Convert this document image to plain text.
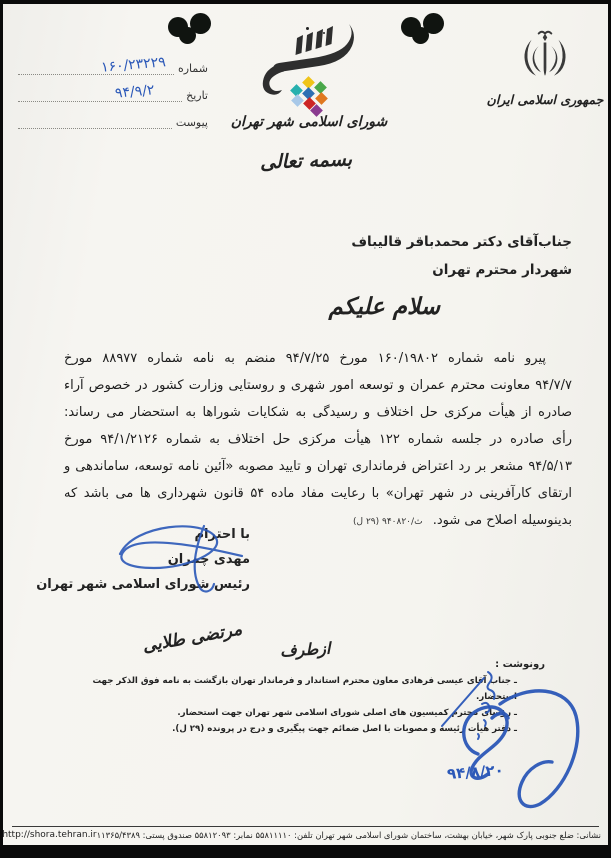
شماره
۱۶۰/۲۳۲۲۹
تاریخ
۹۴/۹/۲
پیوست	شورای اسلامی شهر تهران
جمهوری اسلامی ایران
بسمه تعالی
جناب‌آقای دکتر محمدباقر قالیباف
شهردار محترم تهران
سلام علیکم
پیرو نامه شماره ۱۶۰/۱۹۸۰۲ مورخ ۹۴/۷/۲۵ منضم به نامه شماره ۸۸۹۷۷ مورخ
۹۴/۷/۷ معاونت محترم عمران و توسعه امور شهری و روستایی وزارت کشور در خصوص آراء
صادره از هیأت مرکزی حل اختلاف و رسیدگی به شکایات شوراها به استحضار می رساند:
رأی صادره در جلسه شماره ۱۲۲ هیأت مرکزی حل اختلاف به شماره ۹۴/۱/۲۱۲۶ مورخ
۹۴/۵/۱۳ مشعر بر رد اعتراض فرمانداری تهران و تایید مصوبه «آئین نامه توسعه، ساماندهی و
ارتقای کارآفرینی در شهر تهران» با رعایت مفاد ماده ۵۴ قانون شهرداری ها می باشد که
بدینوسیله اصلاح می شود. ث/۹۴۰۸۲۰ (۲۹ ل)
با احترام
مهدی چمران
رئیس شورای اسلامی شهر تهران
ازطرف
مرتضی طلایی
رونوشت :
ـ جناب آقای عیسی فرهادی معاون محترم استاندار و فرماندار تهران بازگشت به نامه فوق الذکر جهت استحضار.
ـ رؤسای محترم کمیسیون های اصلی شورای اسلامی شهر تهران جهت استحضار.
ـ دفتر هیأت رئیسه و مصوبات با اصل ضمائم جهت پیگیری و درج در پرونده (۲۹ ل).
۹۴/۸/۲۰
نشانی: ضلع جنوبی پارک شهر، خیابان بهشت، ساختمان شورای اسلامی شهر تهران تلفن: ۵۵۸۱۱۱۱۰ نمابر: ۵۵۸۱۲۰۹۳ صندوق پستی: ۱۱۳۶۵/۴۳۸۹
http://shora.tehran.ir
